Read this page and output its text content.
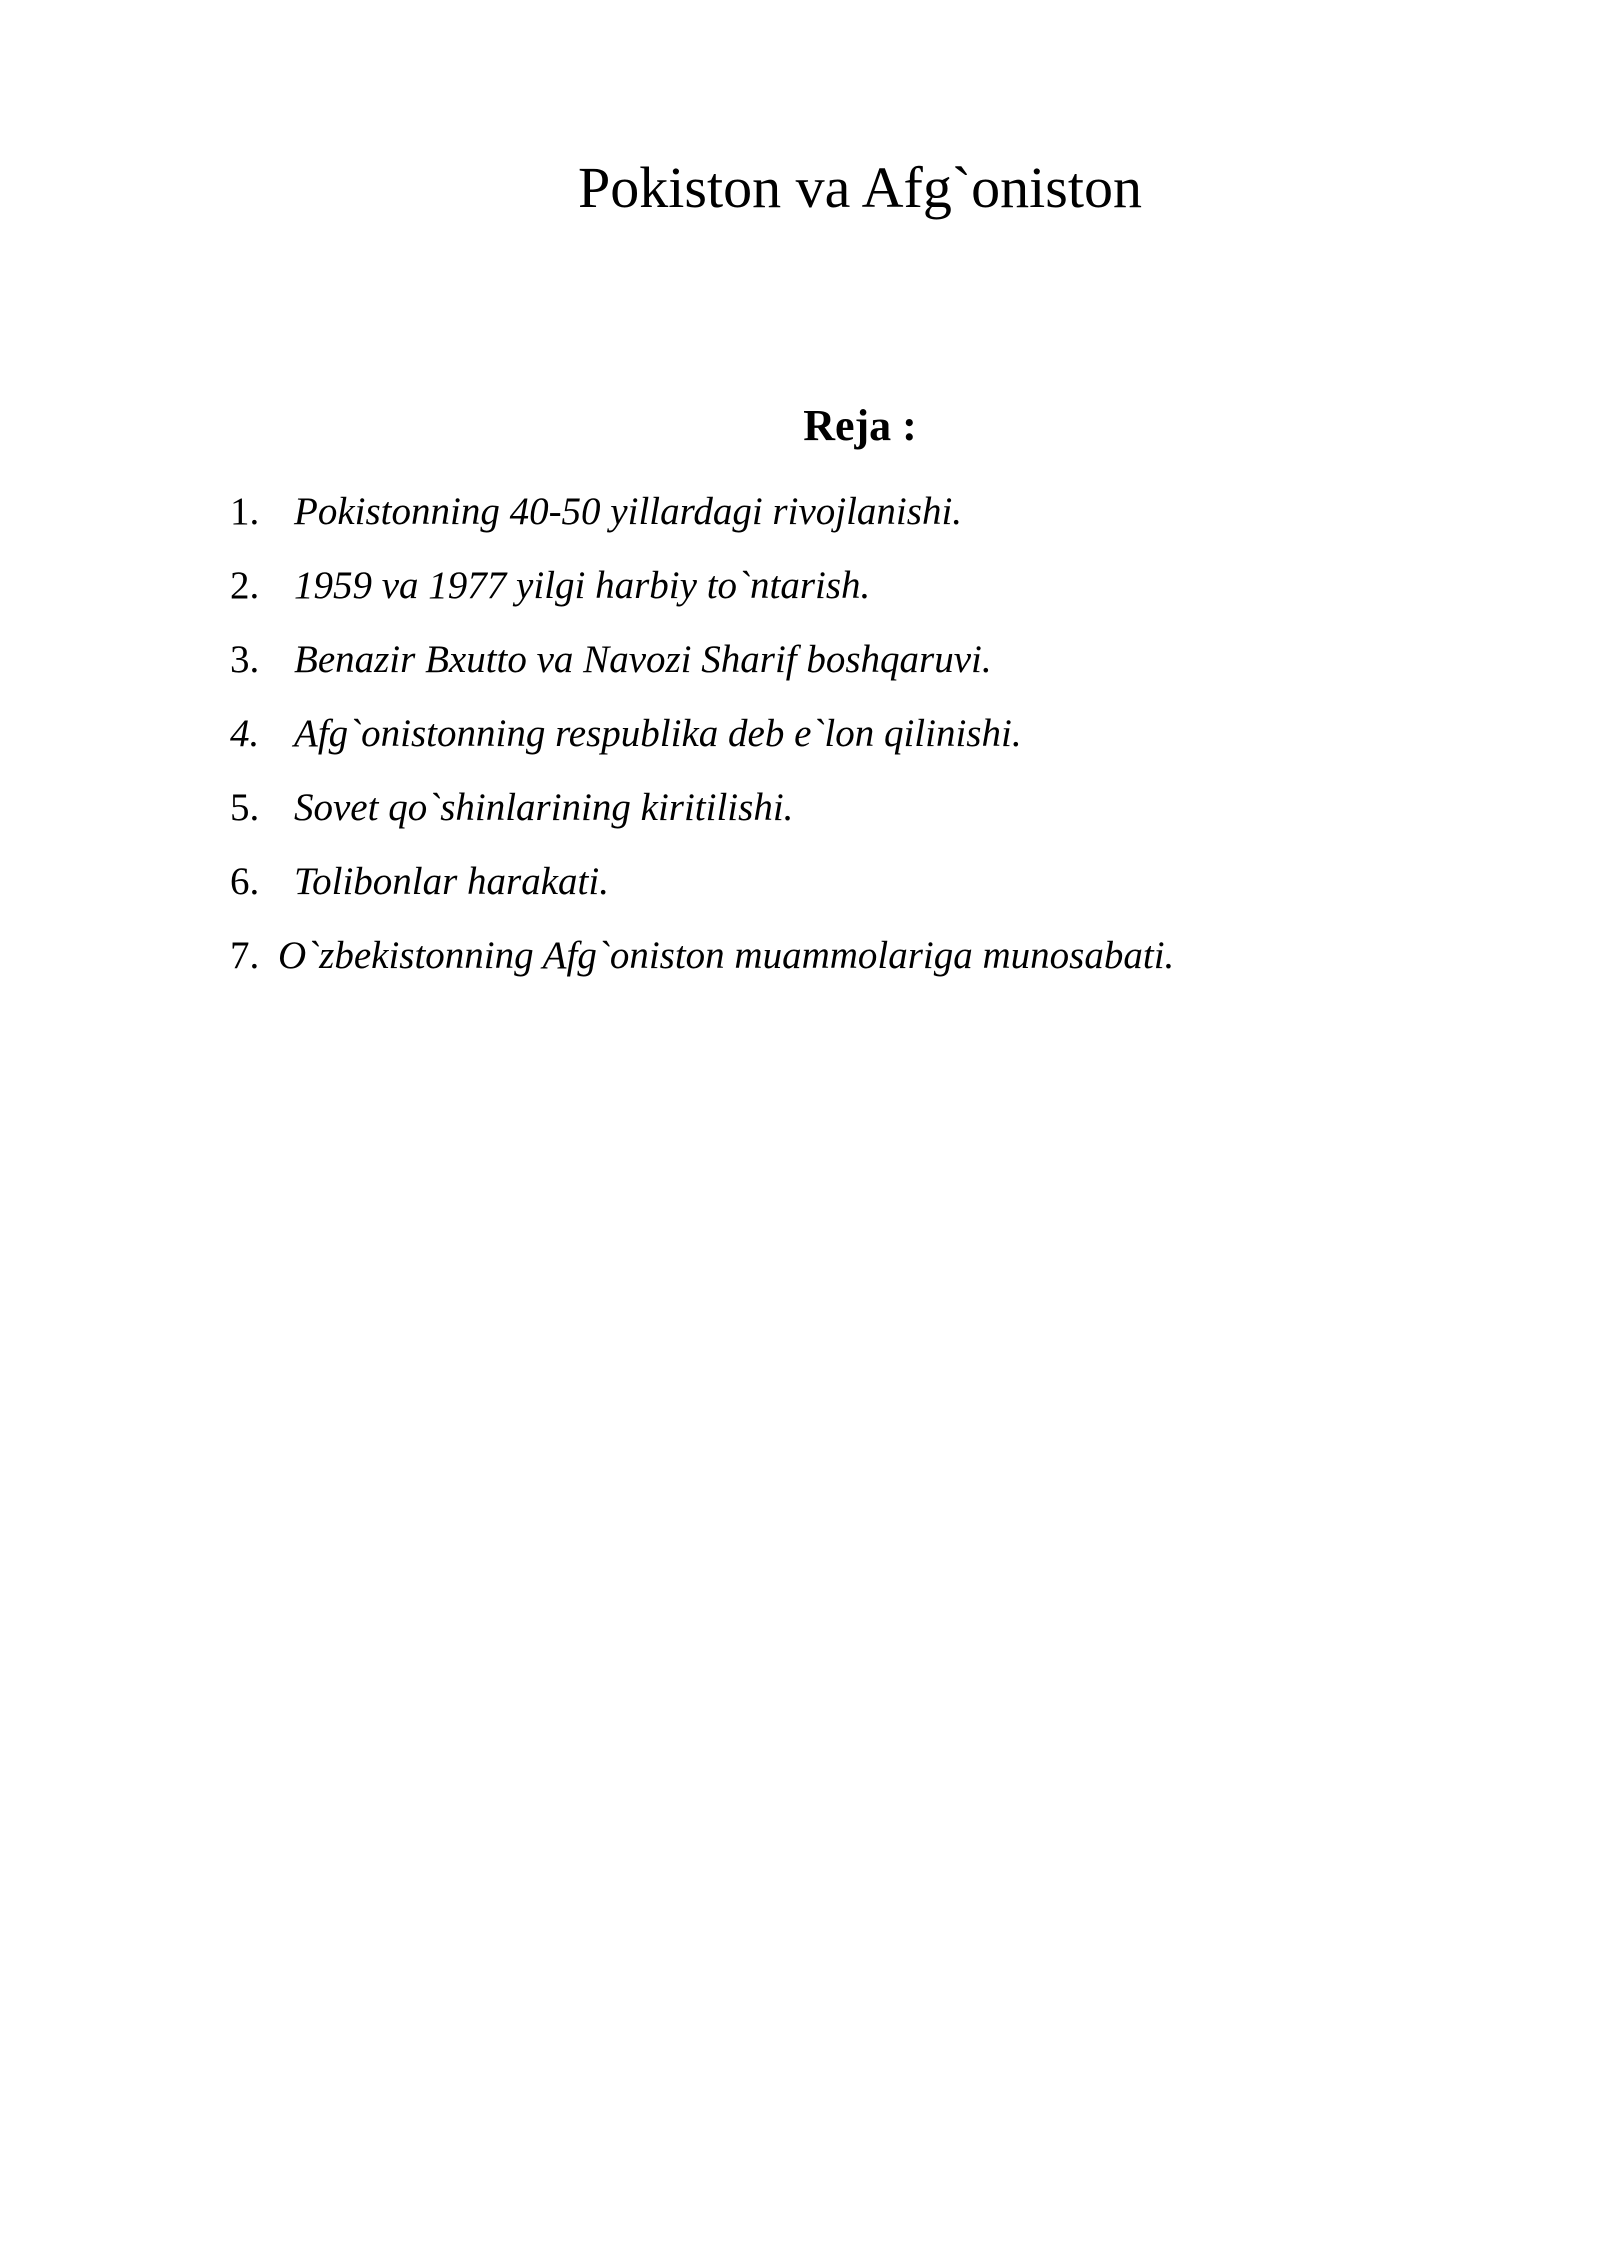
Pokiston va Afg`oniston
Reja :
1. Pokistonning 40-50 yillardagi rivojlanishi.
2. 1959 va 1977 yilgi harbiy to`ntarish.
3. Benazir Bxutto va Navozi Sharif boshqaruvi.
4. Afg`onistonning respublika deb e`lon qilinishi.
5. Sovet qo`shinlarining kiritilishi.
6. Tolibonlar harakati.
7. O`zbekistonning Afg`oniston muammolariga munosabati.
